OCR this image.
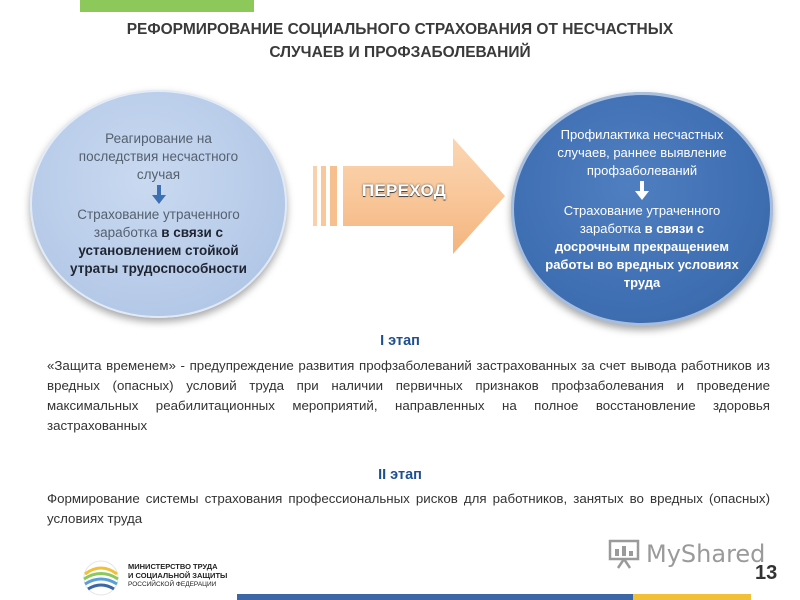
РЕФОРМИРОВАНИЕ СОЦИАЛЬНОГО СТРАХОВАНИЯ ОТ НЕСЧАСТНЫХ
СЛУЧАЕВ И ПРОФЗАБОЛЕВАНИЙ
Реагирование на последствия несчастного случая
Страхование утраченного заработка в связи с установлением стойкой утраты трудоспособности
ПЕРЕХОД
Профилактика несчастных случаев, раннее выявление профзаболеваний
Страхование утраченного заработка в связи с досрочным прекращением работы во вредных условиях труда
I этап
«Защита временем» - предупреждение развития профзаболеваний застрахованных за счет вывода работников из вредных (опасных) условий труда при наличии первичных признаков профзаболевания и проведение максимальных реабилитационных мероприятий, направленных на полное восстановление здоровья застрахованных
II этап
Формирование системы страхования профессиональных рисков для работников, занятых во вредных (опасных) условиях труда
МИНИСТЕРСТВО ТРУДА
И СОЦИАЛЬНОЙ ЗАЩИТЫ
РОССИЙСКОЙ ФЕДЕРАЦИИ
MyShared
13
